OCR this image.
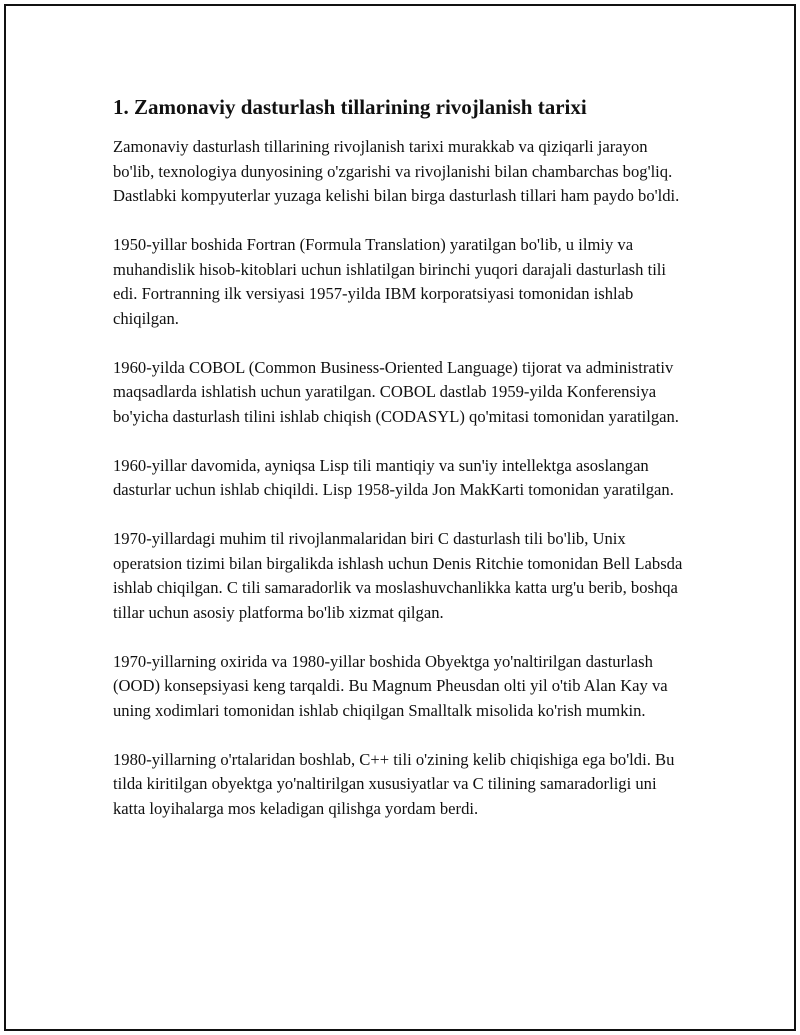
1. Zamonaviy dasturlash tillarining rivojlanish tarixi

Zamonaviy dasturlash tillarining rivojlanish tarixi murakkab va qiziqarli jarayon bo'lib, texnologiya dunyosining o'zgarishi va rivojlanishi bilan chambarchas bog'liq. Dastlabki kompyuterlar yuzaga kelishi bilan birga dasturlash tillari ham paydo bo'ldi.

1950-yillar boshida Fortran (Formula Translation) yaratilgan bo'lib, u ilmiy va muhandislik hisob-kitoblari uchun ishlatilgan birinchi yuqori darajali dasturlash tili edi. Fortranning ilk versiyasi 1957-yilda IBM korporatsiyasi tomonidan ishlab chiqilgan.

1960-yilda COBOL (Common Business-Oriented Language) tijorat va administrativ maqsadlarda ishlatish uchun yaratilgan. COBOL dastlab 1959-yilda Konferensiya bo'yicha dasturlash tilini ishlab chiqish (CODASYL) qo'mitasi tomonidan yaratilgan.

1960-yillar davomida, ayniqsa Lisp tili mantiqiy va sun'iy intellektga asoslangan dasturlar uchun ishlab chiqildi. Lisp 1958-yilda Jon MakKarti tomonidan yaratilgan.

1970-yillardagi muhim til rivojlanmalaridan biri C dasturlash tili bo'lib, Unix operatsion tizimi bilan birgalikda ishlash uchun Denis Ritchie tomonidan Bell Labsda ishlab chiqilgan. C tili samaradorlik va moslashuvchanlikka katta urg'u berib, boshqa tillar uchun asosiy platforma bo'lib xizmat qilgan.

1970-yillarning oxirida va 1980-yillar boshida Obyektga yo'naltirilgan dasturlash (OOD) konsepsiyasi keng tarqaldi. Bu Magnum Pheusdan olti yil o'tib Alan Kay va uning xodimlari tomonidan ishlab chiqilgan Smalltalk misolida ko'rish mumkin.

1980-yillarning o'rtalaridan boshlab, C++ tili o'zining kelib chiqishiga ega bo'ldi. Bu tilda kiritilgan obyektga yo'naltirilgan xususiyatlar va C tilining samaradorligi uni katta loyihalarga mos keladigan qilishga yordam berdi.
